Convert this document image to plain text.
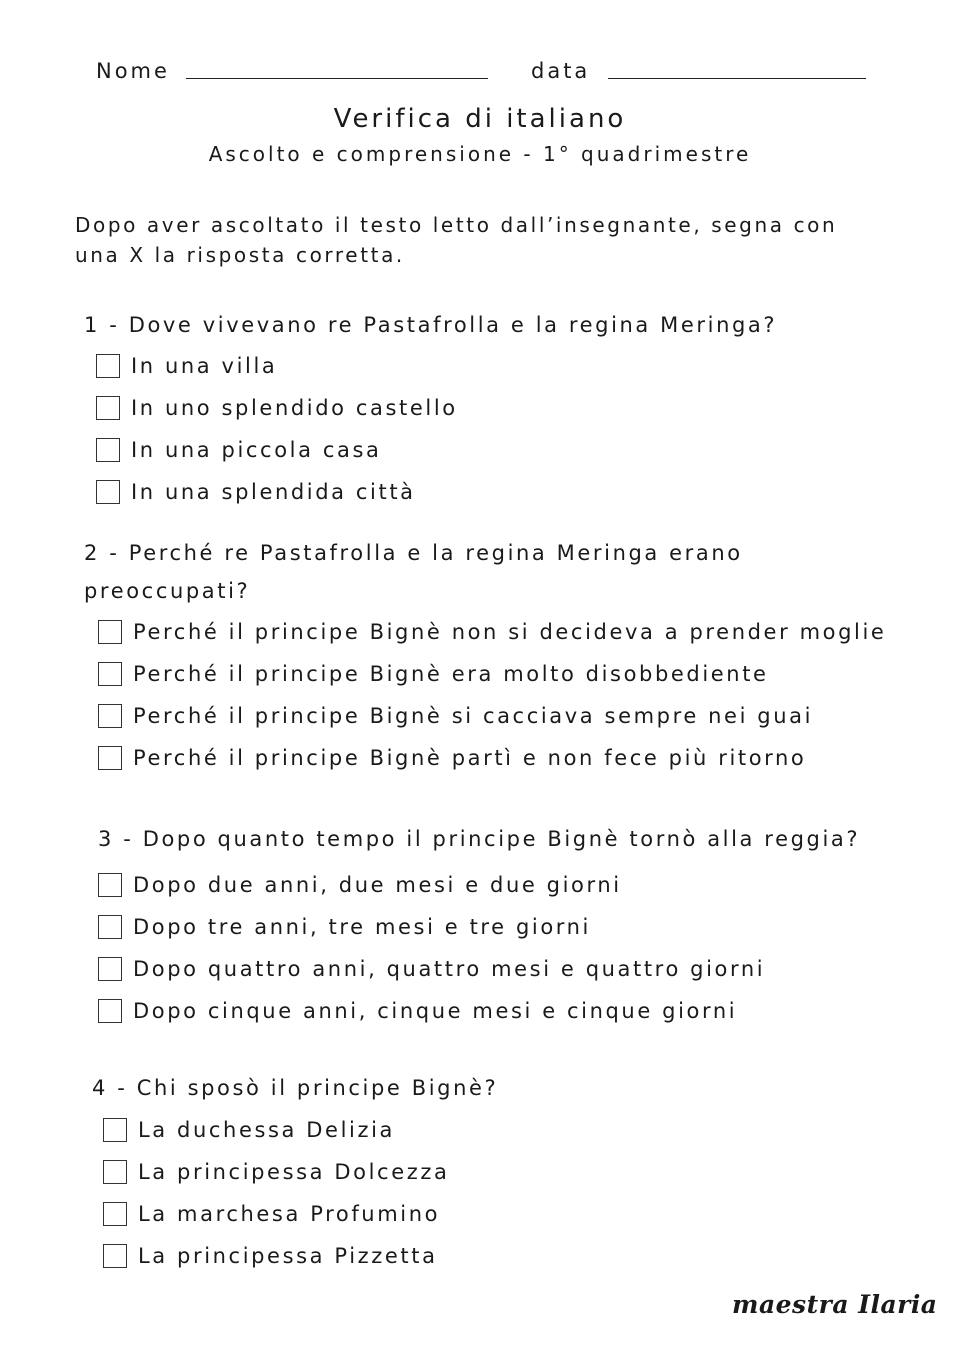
Nome	data
Verifica di italiano
Ascolto e comprensione - 1° quadrimestre
Dopo aver ascoltato il testo letto dall’insegnante, segna con
una X la risposta corretta.
1 - Dove vivevano re Pastafrolla e la regina Meringa?
In una villa
In uno splendido castello
In una piccola casa
In una splendida città
2 - Perché re Pastafrolla e la regina Meringa erano
preoccupati?
Perché il principe Bignè non si decideva a prender moglie
Perché il principe Bignè era molto disobbediente
Perché il principe Bignè si cacciava sempre nei guai
Perché il principe Bignè partì e non fece più ritorno
3 - Dopo quanto tempo il principe Bignè tornò alla reggia?
Dopo due anni, due mesi e due giorni
Dopo tre anni, tre mesi e tre giorni
Dopo quattro anni, quattro mesi e quattro giorni
Dopo cinque anni, cinque mesi e cinque giorni
4 - Chi sposò il principe Bignè?
La duchessa Delizia
La principessa Dolcezza
La marchesa Profumino
La principessa Pizzetta
maestra Ilaria
